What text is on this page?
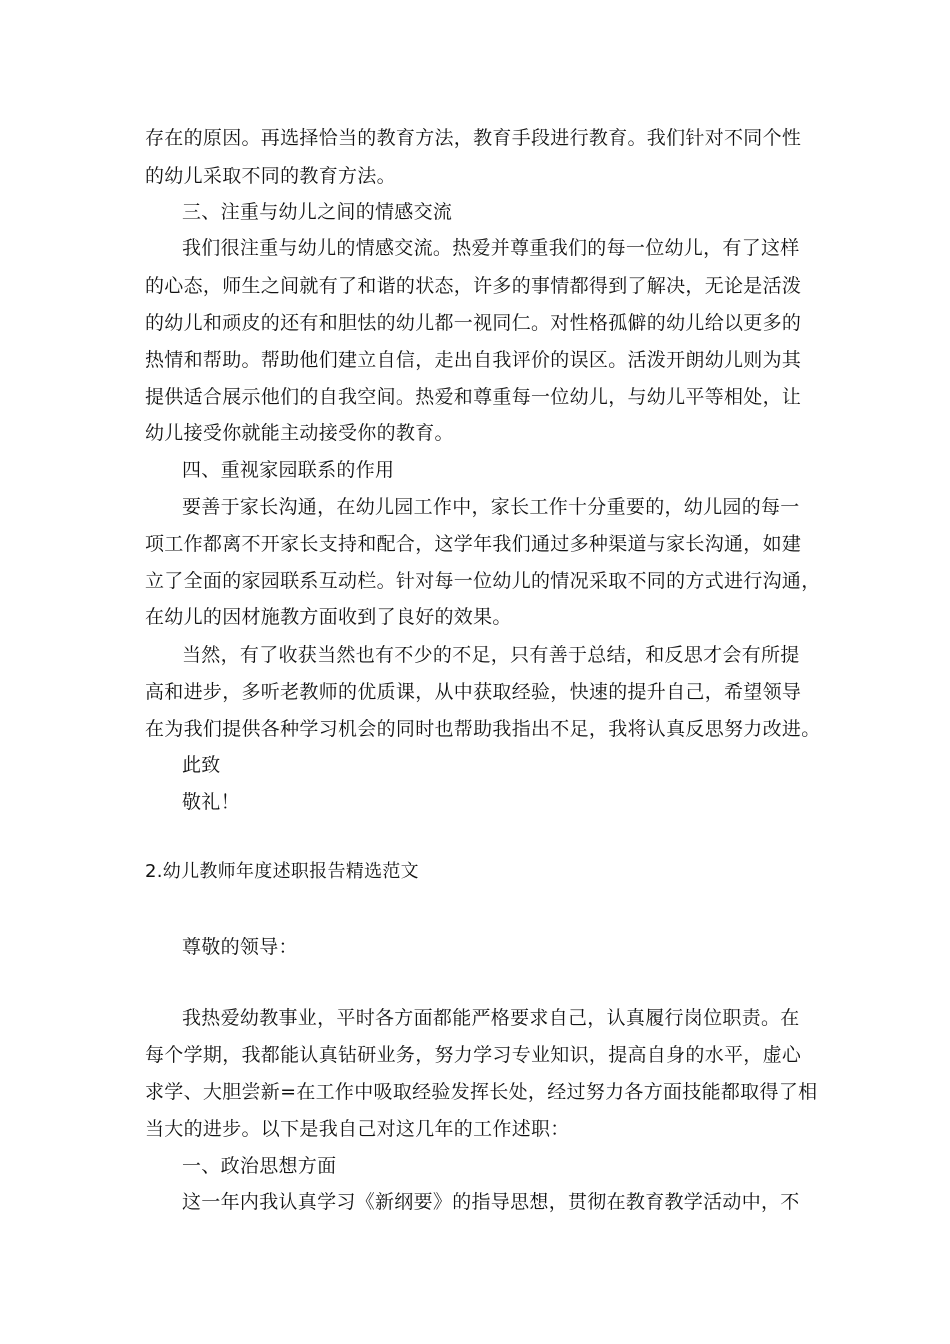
存在的原因。再选择恰当的教育方法，教育手段进行教育。我们针对不同个性
的幼儿采取不同的教育方法。
三、注重与幼儿之间的情感交流
我们很注重与幼儿的情感交流。热爱并尊重我们的每一位幼儿，有了这样
的心态，师生之间就有了和谐的状态，许多的事情都得到了解决，无论是活泼
的幼儿和顽皮的还有和胆怯的幼儿都一视同仁。对性格孤僻的幼儿给以更多的
热情和帮助。帮助他们建立自信，走出自我评价的误区。活泼开朗幼儿则为其
提供适合展示他们的自我空间。热爱和尊重每一位幼儿，与幼儿平等相处，让
幼儿接受你就能主动接受你的教育。
四、重视家园联系的作用
要善于家长沟通，在幼儿园工作中，家长工作十分重要的，幼儿园的每一
项工作都离不开家长支持和配合，这学年我们通过多种渠道与家长沟通，如建
立了全面的家园联系互动栏。针对每一位幼儿的情况采取不同的方式进行沟通，
在幼儿的因材施教方面收到了良好的效果。
当然，有了收获当然也有不少的不足，只有善于总结，和反思才会有所提
高和进步，多听老教师的优质课，从中获取经验，快速的提升自己，希望领导
在为我们提供各种学习机会的同时也帮助我指出不足，我将认真反思努力改进。
此致
敬礼！
2.幼儿教师年度述职报告精选范文
尊敬的领导：
我热爱幼教事业，平时各方面都能严格要求自己，认真履行岗位职责。在
每个学期，我都能认真钻研业务，努力学习专业知识，提高自身的水平，虚心
求学、大胆尝新=在工作中吸取经验发挥长处，经过努力各方面技能都取得了相
当大的进步。以下是我自己对这几年的工作述职：
一、政治思想方面
这一年内我认真学习《新纲要》的指导思想，贯彻在教育教学活动中，不
